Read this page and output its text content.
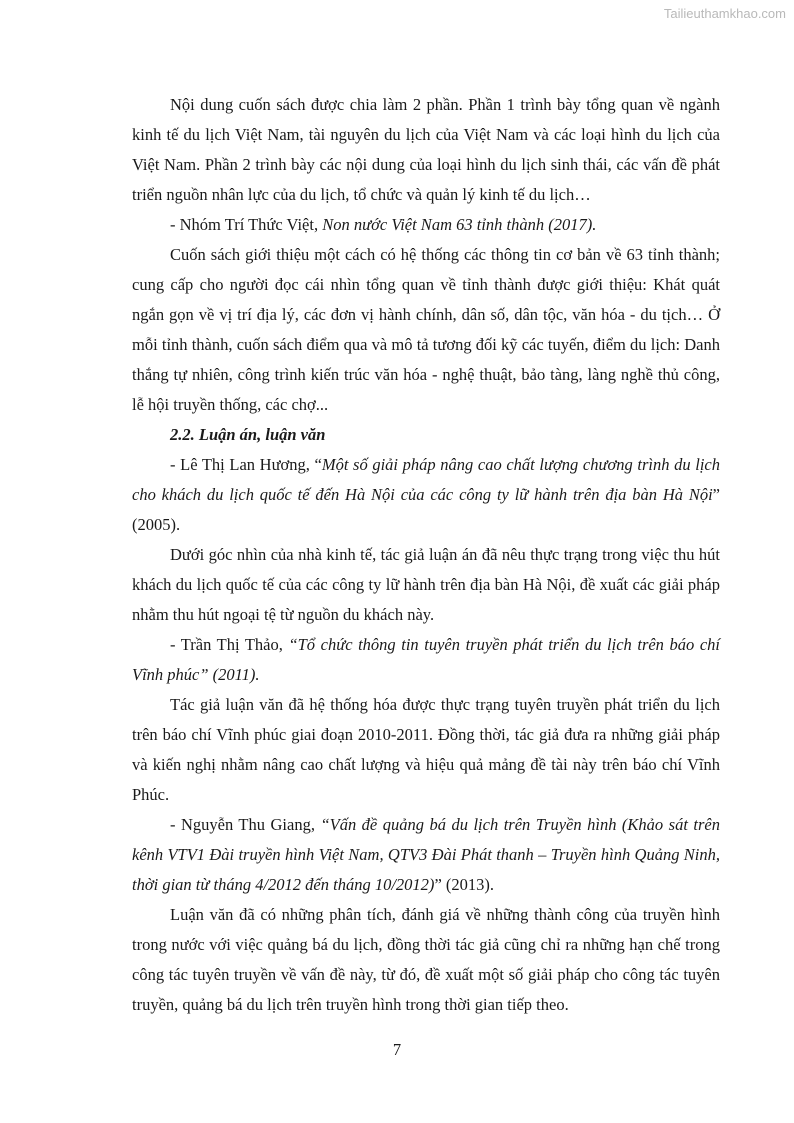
Tailieuthamkhao.com

Nội dung cuốn sách được chia làm 2 phần. Phần 1 trình bày tổng quan về ngành kinh tế du lịch Việt Nam, tài nguyên du lịch của Việt Nam và các loại hình du lịch của Việt Nam. Phần 2 trình bày các nội dung của loại hình du lịch sinh thái, các vấn đề phát triển nguồn nhân lực của du lịch, tổ chức và quản lý kinh tế du lịch…

- Nhóm Trí Thức Việt, Non nước Việt Nam 63 tỉnh thành (2017).

Cuốn sách giới thiệu một cách có hệ thống các thông tin cơ bản về 63 tỉnh thành; cung cấp cho người đọc cái nhìn tổng quan về tỉnh thành được giới thiệu: Khát quát ngắn gọn về vị trí địa lý, các đơn vị hành chính, dân số, dân tộc, văn hóa - du tịch… Ở mỗi tỉnh thành, cuốn sách điểm qua và mô tả tương đối kỹ các tuyến, điểm du lịch: Danh thắng tự nhiên, công trình kiến trúc văn hóa - nghệ thuật, bảo tàng, làng nghề thủ công, lễ hội truyền thống, các chợ...

2.2. Luận án, luận văn

- Lê Thị Lan Hương, “Một số giải pháp nâng cao chất lượng chương trình du lịch cho khách du lịch quốc tế đến Hà Nội của các công ty lữ hành trên địa bàn Hà Nội” (2005).

Dưới góc nhìn của nhà kinh tế, tác giả luận án đã nêu thực trạng trong việc thu hút khách du lịch quốc tế của các công ty lữ hành trên địa bàn Hà Nội, đề xuất các giải pháp nhằm thu hút ngoại tệ từ nguồn du khách này.

- Trần Thị Thảo, “Tổ chức thông tin tuyên truyền phát triển du lịch trên báo chí Vĩnh phúc” (2011).

Tác giả luận văn đã hệ thống hóa được thực trạng tuyên truyền phát triển du lịch trên báo chí Vĩnh phúc giai đoạn 2010-2011. Đồng thời, tác giả đưa ra những giải pháp và kiến nghị nhằm nâng cao chất lượng và hiệu quả mảng đề tài này trên báo chí Vĩnh Phúc.

- Nguyễn Thu Giang, “Vấn đề quảng bá du lịch trên Truyền hình (Khảo sát trên kênh VTV1 Đài truyền hình Việt Nam, QTV3 Đài Phát thanh – Truyền hình Quảng Ninh, thời gian từ tháng 4/2012 đến tháng 10/2012)” (2013).

Luận văn đã có những phân tích, đánh giá về những thành công của truyền hình trong nước với việc quảng bá du lịch, đồng thời tác giả cũng chỉ ra những hạn chế trong công tác tuyên truyền về vấn đề này, từ đó, đề xuất một số giải pháp cho công tác tuyên truyền, quảng bá du lịch trên truyền hình trong thời gian tiếp theo.

7
